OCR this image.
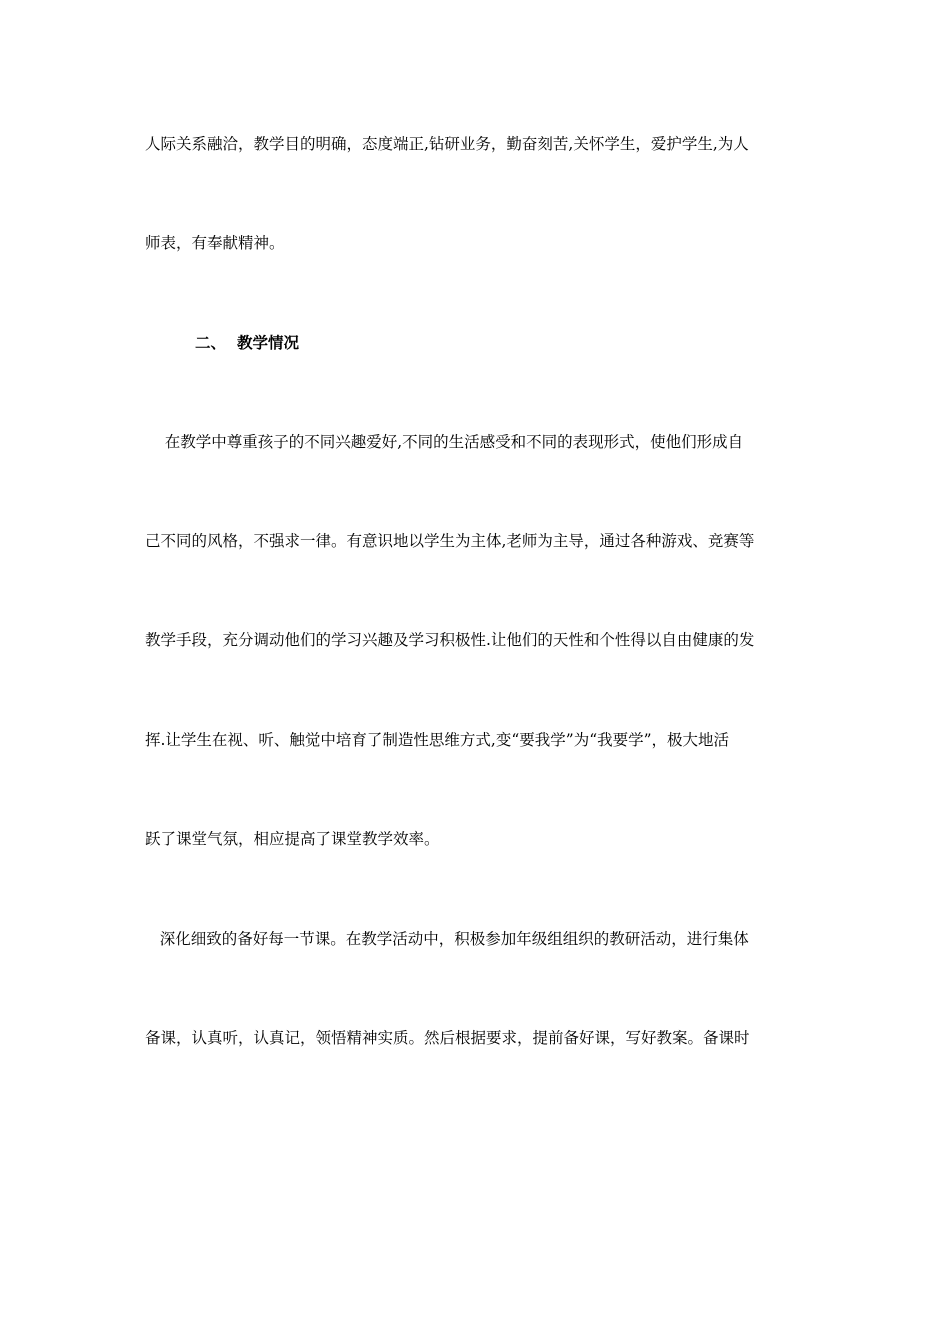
人际关系融洽，教学目的明确，态度端正,钻研业务，勤奋刻苦,关怀学生，爱护学生,为人
师表，有奉献精神。
二、 教学情况
在教学中尊重孩子的不同兴趣爱好,不同的生活感受和不同的表现形式，使他们形成自
己不同的风格，不强求一律。有意识地以学生为主体,老师为主导，通过各种游戏、竞赛等
教学手段，充分调动他们的学习兴趣及学习积极性.让他们的天性和个性得以自由健康的发
挥.让学生在视、听、触觉中培育了制造性思维方式,变“要我学”为“我要学”，极大地活
跃了课堂气氛，相应提高了课堂教学效率。
深化细致的备好每一节课。在教学活动中，积极参加年级组组织的教研活动，进行集体
备课，认真听，认真记，领悟精神实质。然后根据要求，提前备好课，写好教案。备课时
